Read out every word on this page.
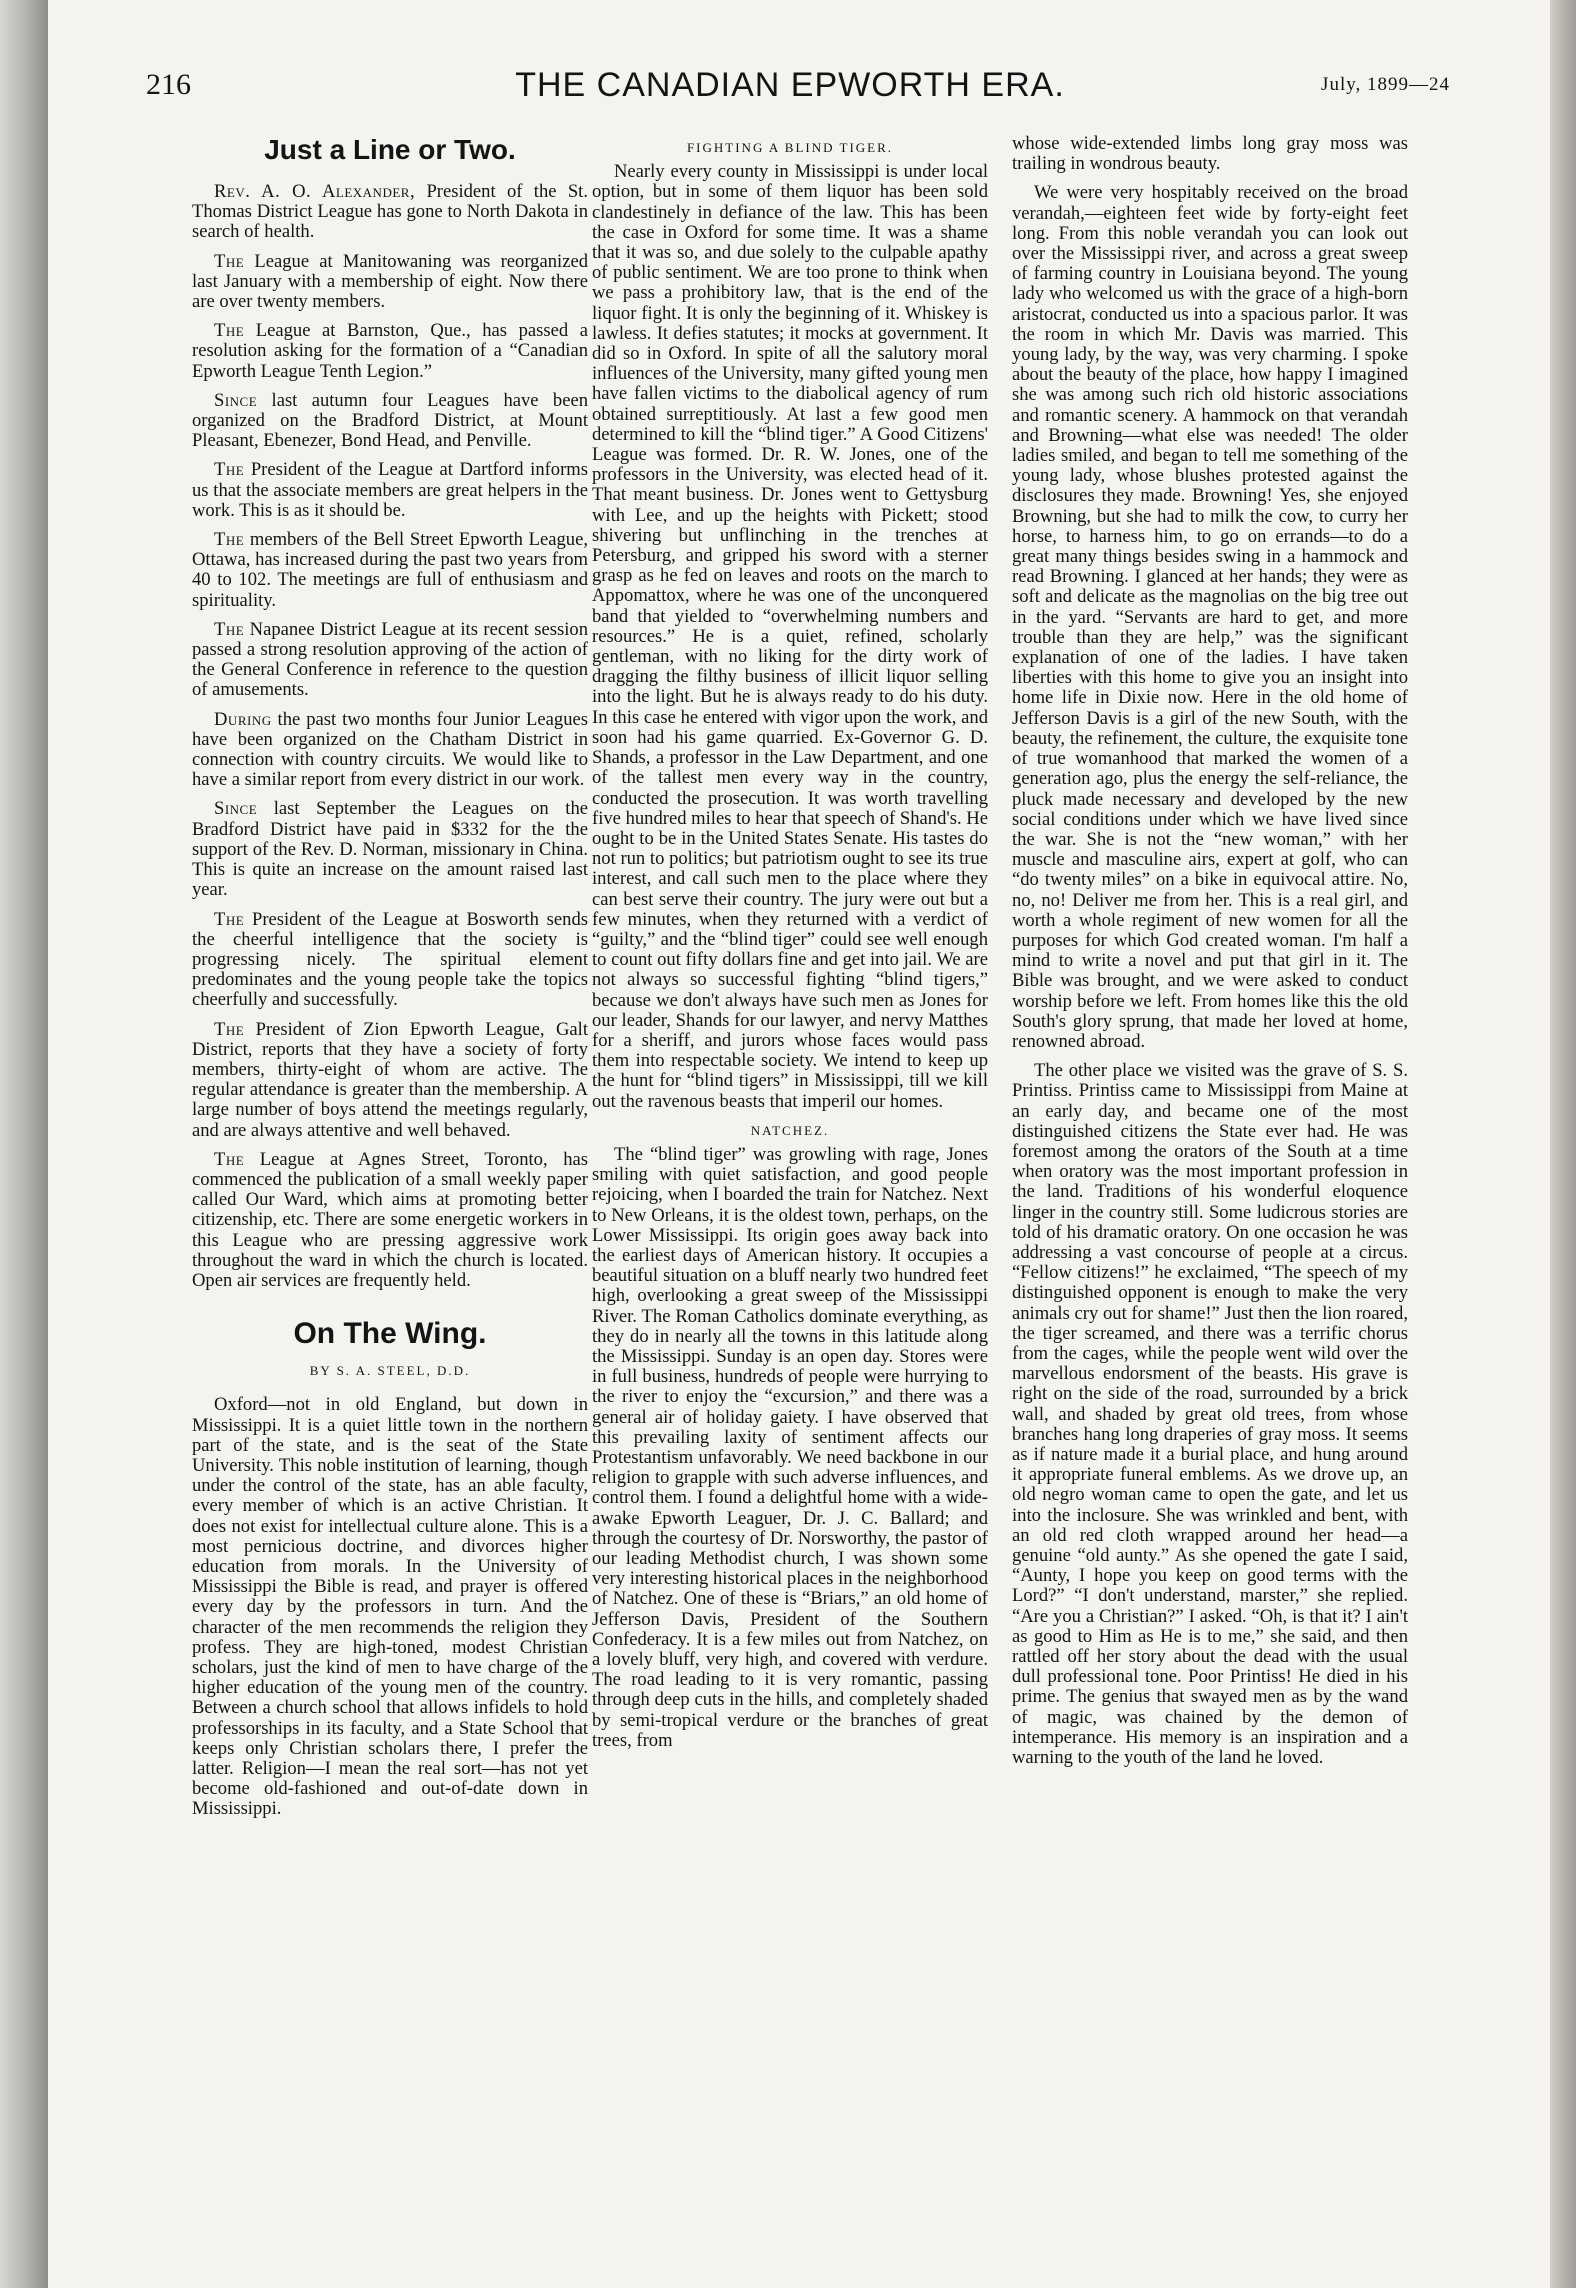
216	THE CANADIAN EPWORTH ERA.	July, 1899—24
Just a Line or Two.

Rev. A. O. Alexander, President of the St. Thomas District League has gone to North Dakota in search of health.

The League at Manitowaning was reorganized last January with a membership of eight. Now there are over twenty members.

The League at Barnston, Que., has passed a resolution asking for the formation of a “Canadian Epworth League Tenth Legion.”

Since last autumn four Leagues have been organized on the Bradford District, at Mount Pleasant, Ebenezer, Bond Head, and Penville.

The President of the League at Dartford informs us that the associate members are great helpers in the work. This is as it should be.

The members of the Bell Street Epworth League, Ottawa, has increased during the past two years from 40 to 102. The meetings are full of enthusiasm and spirituality.

The Napanee District League at its recent session passed a strong resolution approving of the action of the General Conference in reference to the question of amusements.

During the past two months four Junior Leagues have been organized on the Chatham District in connection with country circuits. We would like to have a similar report from every district in our work.

Since last September the Leagues on the Bradford District have paid in $332 for the the support of the Rev. D. Norman, missionary in China. This is quite an increase on the amount raised last year.

The President of the League at Bosworth sends the cheerful intelligence that the society is progressing nicely. The spiritual element predominates and the young people take the topics cheerfully and successfully.

The President of Zion Epworth League, Galt District, reports that they have a society of forty members, thirty-eight of whom are active. The regular attendance is greater than the membership. A large number of boys attend the meetings regularly, and are always attentive and well behaved.

The League at Agnes Street, Toronto, has commenced the publication of a small weekly paper called Our Ward, which aims at promoting better citizenship, etc. There are some energetic workers in this League who are pressing aggressive work throughout the ward in which the church is located. Open air services are frequently held.

On The Wing.
BY S. A. STEEL, D.D.

Oxford—not in old England, but down in Mississippi. It is a quiet little town in the northern part of the state, and is the seat of the State University. This noble institution of learning, though under the control of the state, has an able faculty, every member of which is an active Christian. It does not exist for intellectual culture alone. This is a most pernicious doctrine, and divorces higher education from morals. In the University of Mississippi the Bible is read, and prayer is offered every day by the professors in turn. And the character of the men recommends the religion they profess. They are high-toned, modest Christian scholars, just the kind of men to have charge of the higher education of the young men of the country. Between a church school that allows infidels to hold professorships in its faculty, and a State School that keeps only Christian scholars there, I prefer the latter. Religion—I mean the real sort—has not yet become old-fashioned and out-of-date down in Mississippi.

FIGHTING A BLIND TIGER.

Nearly every county in Mississippi is under local option, but in some of them liquor has been sold clandestinely in defiance of the law. This has been the case in Oxford for some time. It was a shame that it was so, and due solely to the culpable apathy of public sentiment. We are too prone to think when we pass a prohibitory law, that is the end of the liquor fight. It is only the beginning of it. Whiskey is lawless. It defies statutes; it mocks at government. It did so in Oxford. In spite of all the salutory moral influences of the University, many gifted young men have fallen victims to the diabolical agency of rum obtained surreptitiously. At last a few good men determined to kill the “blind tiger.” A Good Citizens' League was formed. Dr. R. W. Jones, one of the professors in the University, was elected head of it. That meant business. Dr. Jones went to Gettysburg with Lee, and up the heights with Pickett; stood shivering but unflinching in the trenches at Petersburg, and gripped his sword with a sterner grasp as he fed on leaves and roots on the march to Appomattox, where he was one of the unconquered band that yielded to “overwhelming numbers and resources.” He is a quiet, refined, scholarly gentleman, with no liking for the dirty work of dragging the filthy business of illicit liquor selling into the light. But he is always ready to do his duty. In this case he entered with vigor upon the work, and soon had his game quarried. Ex-Governor G. D. Shands, a professor in the Law Department, and one of the tallest men every way in the country, conducted the prosecution. It was worth travelling five hundred miles to hear that speech of Shand's. He ought to be in the United States Senate. His tastes do not run to politics; but patriotism ought to see its true interest, and call such men to the place where they can best serve their country. The jury were out but a few minutes, when they returned with a verdict of “guilty,” and the “blind tiger” could see well enough to count out fifty dollars fine and get into jail. We are not always so successful fighting “blind tigers,” because we don't always have such men as Jones for our leader, Shands for our lawyer, and nervy Matthes for a sheriff, and jurors whose faces would pass them into respectable society. We intend to keep up the hunt for “blind tigers” in Mississippi, till we kill out the ravenous beasts that imperil our homes.

NATCHEZ.

The “blind tiger” was growling with rage, Jones smiling with quiet satisfaction, and good people rejoicing, when I boarded the train for Natchez. Next to New Orleans, it is the oldest town, perhaps, on the Lower Mississippi. Its origin goes away back into the earliest days of American history. It occupies a beautiful situation on a bluff nearly two hundred feet high, overlooking a great sweep of the Mississippi River. The Roman Catholics dominate everything, as they do in nearly all the towns in this latitude along the Mississippi. Sunday is an open day. Stores were in full business, hundreds of people were hurrying to the river to enjoy the “excursion,” and there was a general air of holiday gaiety. I have observed that this prevailing laxity of sentiment affects our Protestantism unfavorably. We need backbone in our religion to grapple with such adverse influences, and control them. I found a delightful home with a wide-awake Epworth Leaguer, Dr. J. C. Ballard; and through the courtesy of Dr. Norsworthy, the pastor of our leading Methodist church, I was shown some very interesting historical places in the neighborhood of Natchez. One of these is “Briars,” an old home of Jefferson Davis, President of the Southern Confederacy. It is a few miles out from Natchez, on a lovely bluff, very high, and covered with verdure. The road leading to it is very romantic, passing through deep cuts in the hills, and completely shaded by semi-tropical verdure or the branches of great trees, from

whose wide-extended limbs long gray moss was trailing in wondrous beauty.

We were very hospitably received on the broad verandah,—eighteen feet wide by forty-eight feet long. From this noble verandah you can look out over the Mississippi river, and across a great sweep of farming country in Louisiana beyond. The young lady who welcomed us with the grace of a high-born aristocrat, conducted us into a spacious parlor. It was the room in which Mr. Davis was married. This young lady, by the way, was very charming. I spoke about the beauty of the place, how happy I imagined she was among such rich old historic associations and romantic scenery. A hammock on that verandah and Browning—what else was needed! The older ladies smiled, and began to tell me something of the young lady, whose blushes protested against the disclosures they made. Browning! Yes, she enjoyed Browning, but she had to milk the cow, to curry her horse, to harness him, to go on errands—to do a great many things besides swing in a hammock and read Browning. I glanced at her hands; they were as soft and delicate as the magnolias on the big tree out in the yard. “Servants are hard to get, and more trouble than they are help,” was the significant explanation of one of the ladies. I have taken liberties with this home to give you an insight into home life in Dixie now. Here in the old home of Jefferson Davis is a girl of the new South, with the beauty, the refinement, the culture, the exquisite tone of true womanhood that marked the women of a generation ago, plus the energy the self-reliance, the pluck made necessary and developed by the new social conditions under which we have lived since the war. She is not the “new woman,” with her muscle and masculine airs, expert at golf, who can “do twenty miles” on a bike in equivocal attire. No, no, no! Deliver me from her. This is a real girl, and worth a whole regiment of new women for all the purposes for which God created woman. I'm half a mind to write a novel and put that girl in it. The Bible was brought, and we were asked to conduct worship before we left. From homes like this the old South's glory sprung, that made her loved at home, renowned abroad.

The other place we visited was the grave of S. S. Printiss. Printiss came to Mississippi from Maine at an early day, and became one of the most distinguished citizens the State ever had. He was foremost among the orators of the South at a time when oratory was the most important profession in the land. Traditions of his wonderful eloquence linger in the country still. Some ludicrous stories are told of his dramatic oratory. On one occasion he was addressing a vast concourse of people at a circus. “Fellow citizens!” he exclaimed, “The speech of my distinguished opponent is enough to make the very animals cry out for shame!” Just then the lion roared, the tiger screamed, and there was a terrific chorus from the cages, while the people went wild over the marvellous endorsment of the beasts. His grave is right on the side of the road, surrounded by a brick wall, and shaded by great old trees, from whose branches hang long draperies of gray moss. It seems as if nature made it a burial place, and hung around it appropriate funeral emblems. As we drove up, an old negro woman came to open the gate, and let us into the inclosure. She was wrinkled and bent, with an old red cloth wrapped around her head—a genuine “old aunty.” As she opened the gate I said, “Aunty, I hope you keep on good terms with the Lord?” “I don't understand, marster,” she replied. “Are you a Christian?” I asked. “Oh, is that it? I ain't as good to Him as He is to me,” she said, and then rattled off her story about the dead with the usual dull professional tone. Poor Printiss! He died in his prime. The genius that swayed men as by the wand of magic, was chained by the demon of intemperance. His memory is an inspiration and a warning to the youth of the land he loved.
